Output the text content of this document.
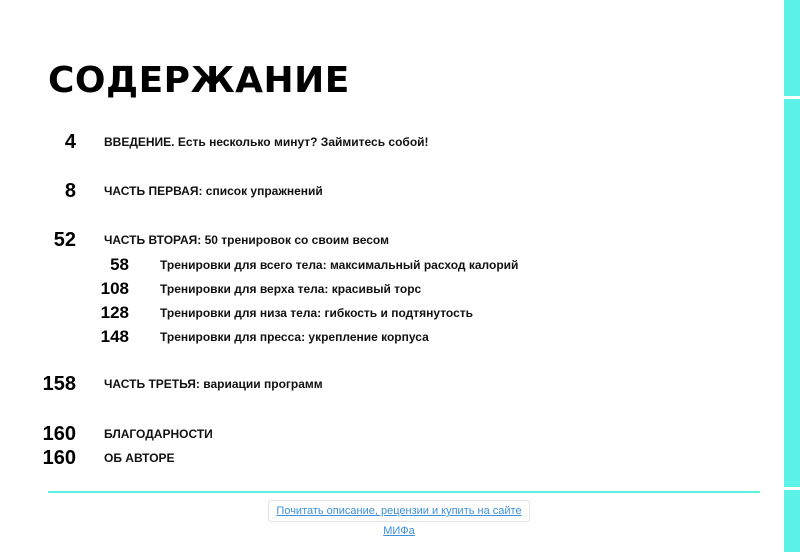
СОДЕРЖАНИЕ
4 ВВЕДЕНИЕ. Есть несколько минут? Займитесь собой!
8 ЧАСТЬ ПЕРВАЯ: список упражнений
52 ЧАСТЬ ВТОРАЯ: 50 тренировок со своим весом
58	Тренировки для всего тела: максимальный расход калорий
108	Тренировки для верха тела: красивый торс
128	Тренировки для низа тела: гибкость и подтянутость
148	Тренировки для пресса: укрепление корпуса
158 ЧАСТЬ ТРЕТЬЯ: вариации программ
160 БЛАГОДАРНОСТИ
160 ОБ АВТОРЕ
Почитать описание, рецензии и купить на сайте МИФа
